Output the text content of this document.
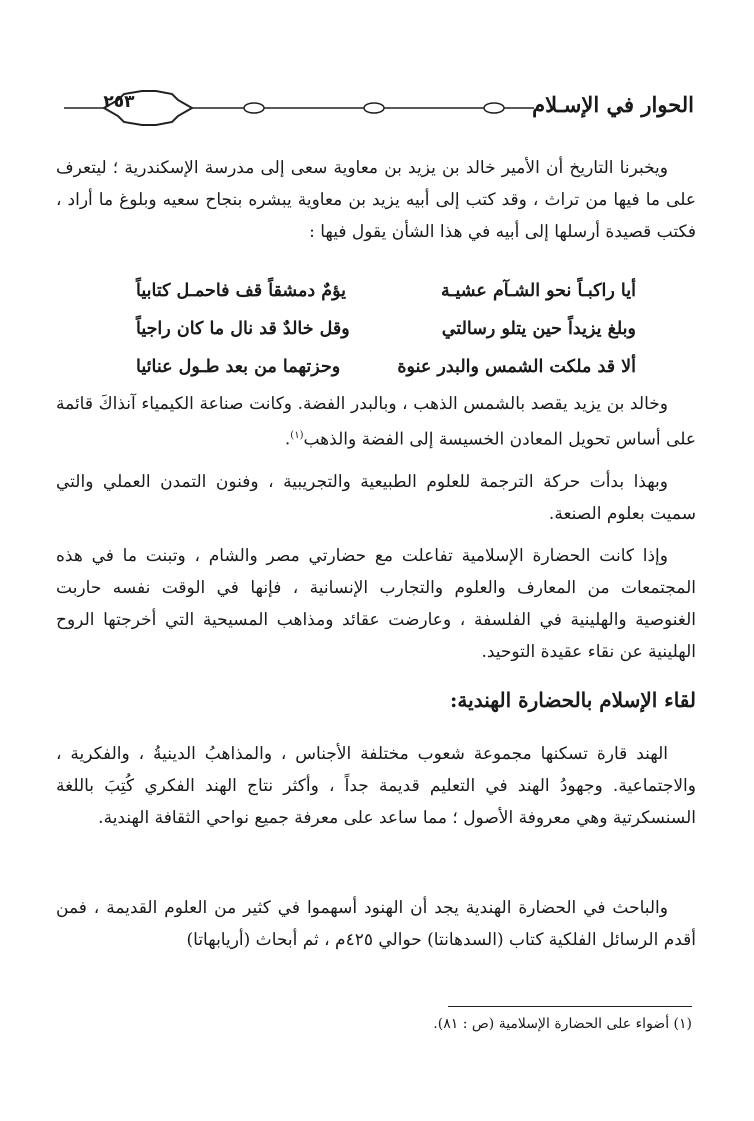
الحوار في الإسـلام
٢٥٣

ويخبرنا التاريخ أن الأمير خالد بن يزيد بن معاوية سعى إلى مدرسة الإسكندرية ؛ ليتعرف على ما فيها من تراث ، وقد كتب إلى أبيه يزيد بن معاوية يبشره بنجاح سعيه وبلوغ ما أراد ، فكتب قصيدة أرسلها إلى أبيه في هذا الشأن يقول فيها :

أيا راكبـاً نحو الشـآم عشيـة
يؤمٌ دمشقاً قف فاحمـل كتابياً
وبلغ يزيداً حين يتلو رسالتي
وقل خالدٌ قد نال ما كان راجياً
ألا قد ملكت الشمس والبدر عنوة
وحزتهما من بعد طـول عنائيا

وخالد بن يزيد يقصد بالشمس الذهب ، وبالبدر الفضة. وكانت صناعة الكيمياء آنذاكَ قائمة على أساس تحويل المعادن الخسيسة إلى الفضة والذهب$^{(١)}$.

وبهذا بدأت حركة الترجمة للعلوم الطبيعية والتجريبية ، وفنون التمدن العملي والتي سميت بعلوم الصنعة.

وإذا كانت الحضارة الإسلامية تفاعلت مع حضارتي مصر والشام ، وتبنت ما في هذه المجتمعات من المعارف والعلوم والتجارب الإنسانية ، فإنها في الوقت نفسه حاربت الغنوصية والهلينية في الفلسفة ، وعارضت عقائد ومذاهب المسيحية التي أخرجتها الروح الهلينية عن نقاء عقيدة التوحيد.

لقاء الإسلام بالحضارة الهندية:

الهند قارة تسكنها مجموعة شعوب مختلفة الأجناس ، والمذاهبُ الدينيةُ ، والفكرية ، والاجتماعية. وجهودُ الهند في التعليم قديمة جداً ، وأكثر نتاج الهند الفكري كُتِبَ باللغة السنسكرتية وهي معروفة الأصول ؛ مما ساعد على معرفة جميع نواحي الثقافة الهندية.

والباحث في الحضارة الهندية يجد أن الهنود أسهموا في كثير من العلوم القديمة ، فمن أقدم الرسائل الفلكية كتاب (السدهانتا) حوالي ٤٢٥م ، ثم أبحاث (أريابهاتا)

(١) أضواء على الحضارة الإسلامية (ص : ٨١).
